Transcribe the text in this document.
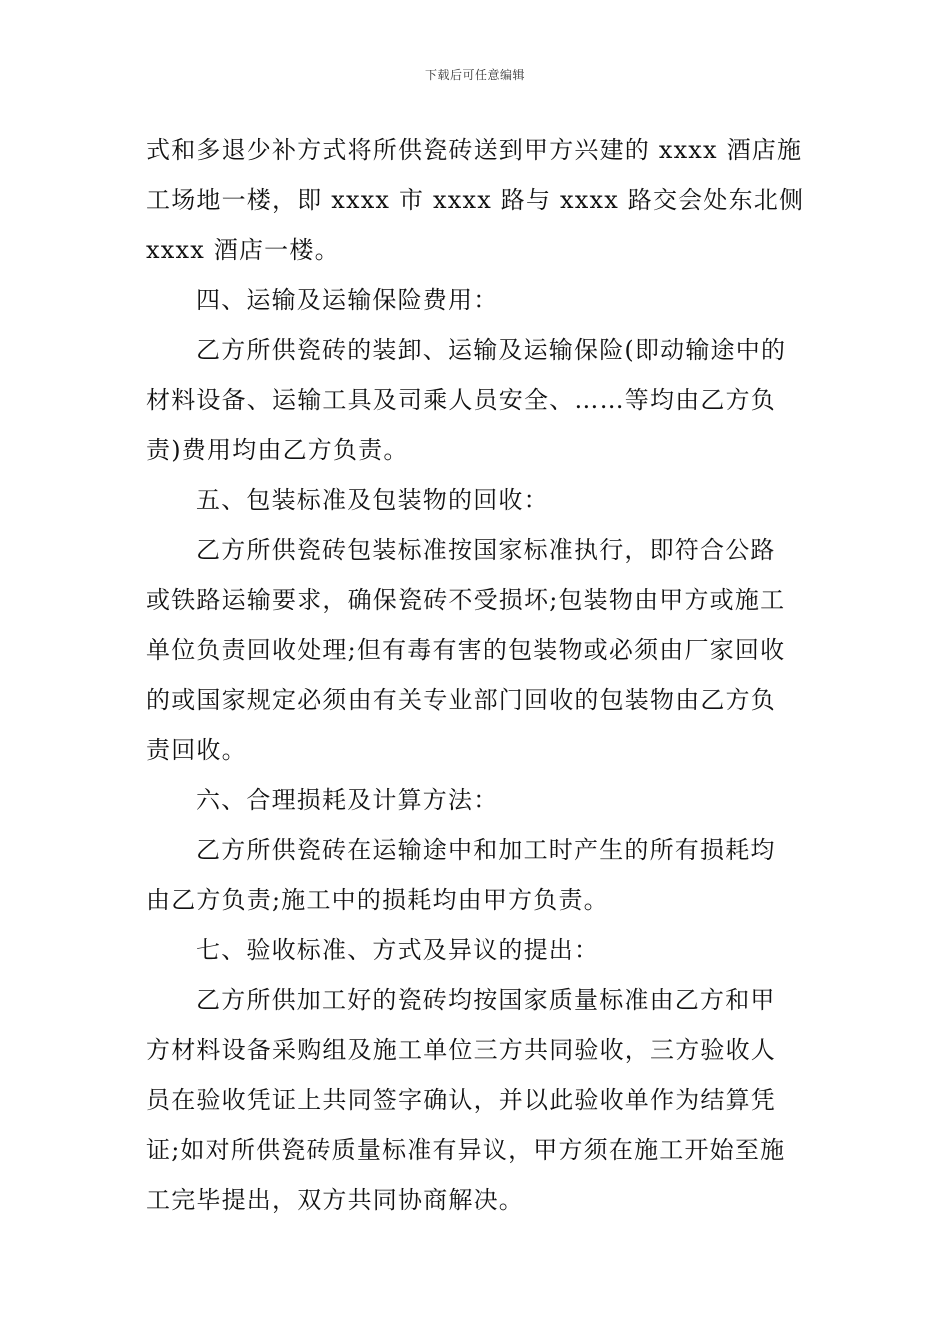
下载后可任意编辑
式和多退少补方式将所供瓷砖送到甲方兴建的 xxxx 酒店施
工场地一楼，即 xxxx 市 xxxx 路与 xxxx 路交会处东北侧
xxxx 酒店一楼。
四、运输及运输保险费用：
乙方所供瓷砖的装卸、运输及运输保险(即动输途中的
材料设备、运输工具及司乘人员安全、……等均由乙方负
责)费用均由乙方负责。
五、包装标准及包装物的回收：
乙方所供瓷砖包装标准按国家标准执行，即符合公路
或铁路运输要求，确保瓷砖不受损坏;包装物由甲方或施工
单位负责回收处理;但有毒有害的包装物或必须由厂家回收
的或国家规定必须由有关专业部门回收的包装物由乙方负
责回收。
六、合理损耗及计算方法：
乙方所供瓷砖在运输途中和加工时产生的所有损耗均
由乙方负责;施工中的损耗均由甲方负责。
七、验收标准、方式及异议的提出：
乙方所供加工好的瓷砖均按国家质量标准由乙方和甲
方材料设备采购组及施工单位三方共同验收，三方验收人
员在验收凭证上共同签字确认，并以此验收单作为结算凭
证;如对所供瓷砖质量标准有异议，甲方须在施工开始至施
工完毕提出，双方共同协商解决。
